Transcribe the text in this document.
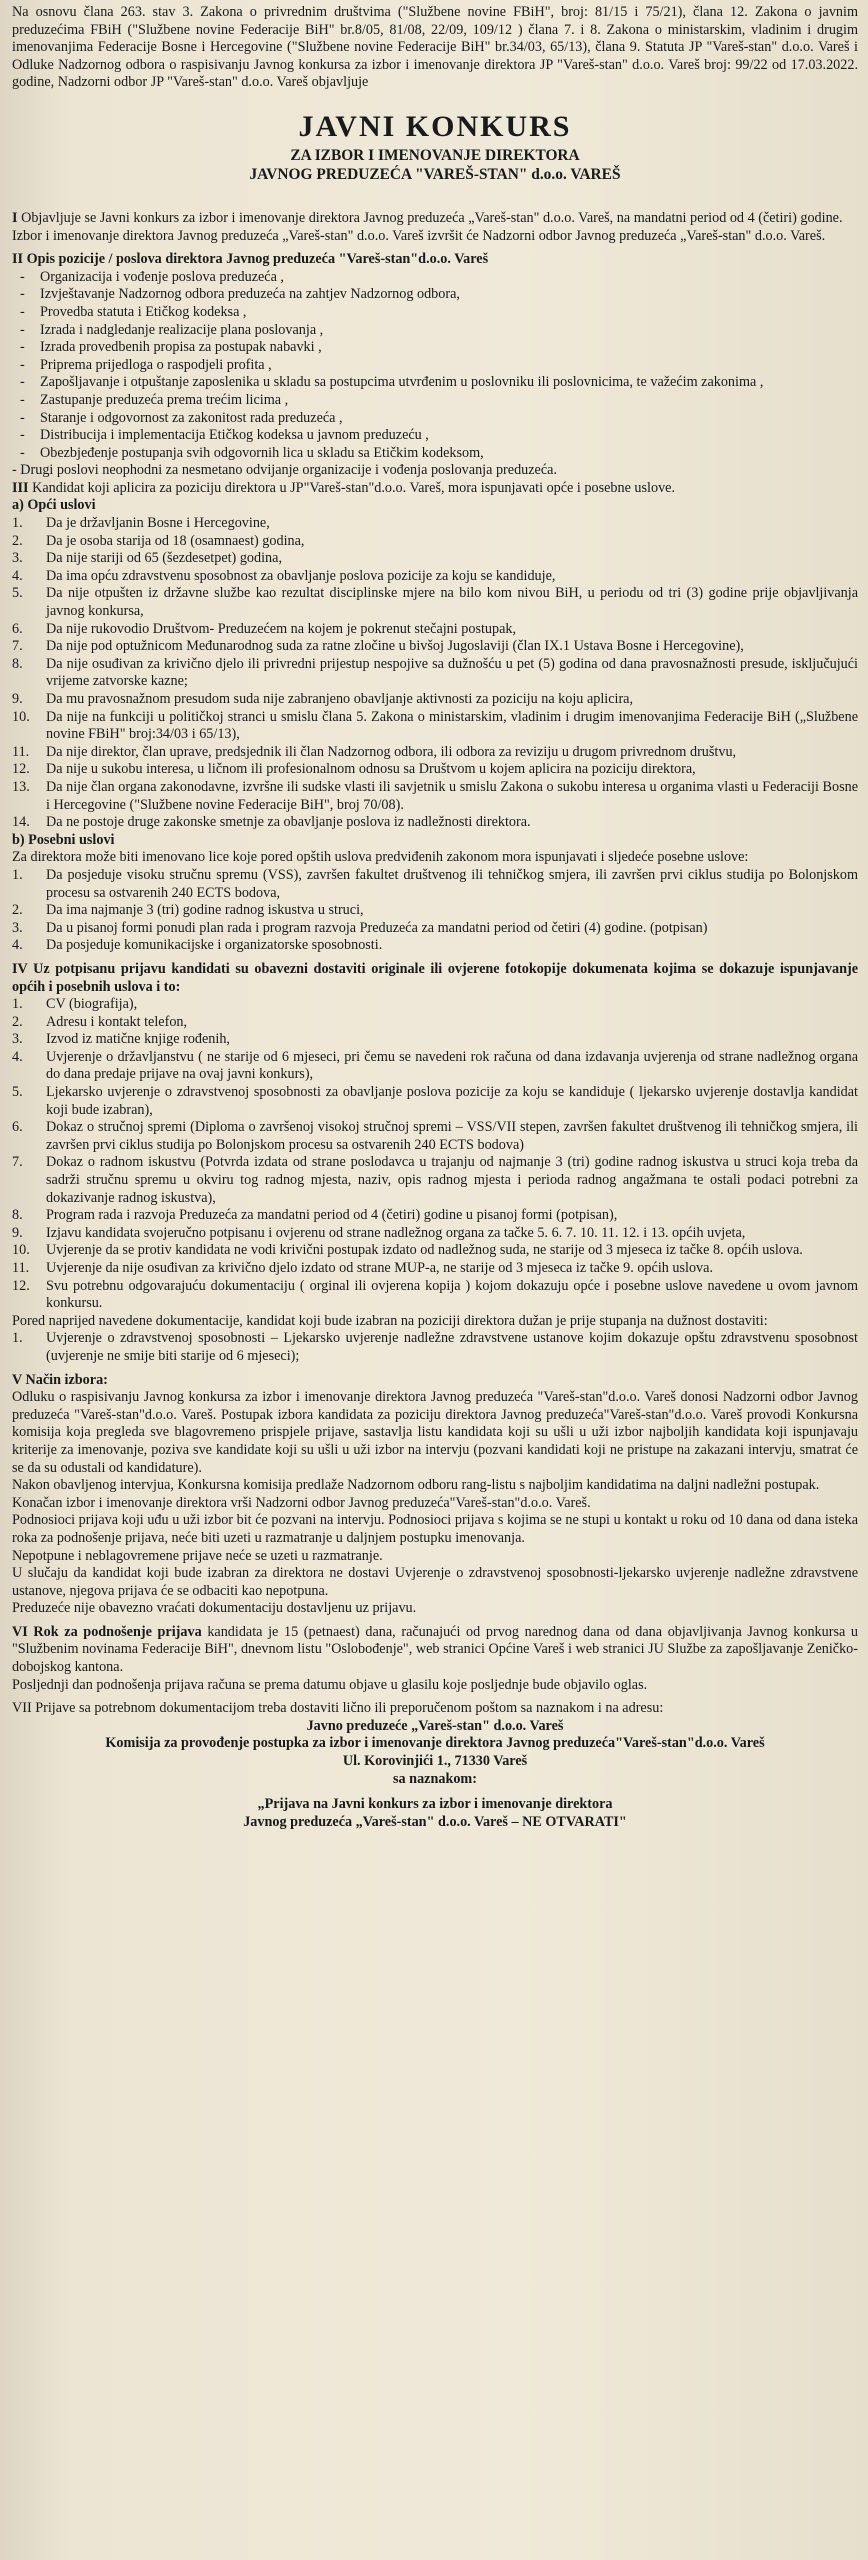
Na osnovu člana 263. stav 3. Zakona o privrednim društvima ("Službene novine FBiH", broj: 81/15 i 75/21), člana 12. Zakona o javnim preduzećima FBiH ("Službene novine Federacije BiH" br.8/05, 81/08, 22/09, 109/12 ) člana 7. i 8. Zakona o ministarskim, vladinim i drugim imenovanjima Federacije Bosne i Hercegovine ("Službene novine Federacije BiH" br.34/03, 65/13), člana 9. Statuta JP "Vareš-stan" d.o.o. Vareš i Odluke Nadzornog odbora o raspisivanju Javnog konkursa za izbor i imenovanje direktora JP "Vareš-stan" d.o.o. Vareš broj: 99/22 od 17.03.2022. godine, Nadzorni odbor JP "Vareš-stan" d.o.o. Vareš objavljuje

JAVNI KONKURS
ZA IZBOR I IMENOVANJE DIREKTORA
JAVNOG PREDUZEĆA "VAREŠ-STAN" d.o.o. VAREŠ

I Objavljuje se Javni konkurs za izbor i imenovanje direktora Javnog preduzeća „Vareš-stan" d.o.o. Vareš, na mandatni period od 4 (četiri) godine.

Izbor i imenovanje direktora Javnog preduzeća „Vareš-stan" d.o.o. Vareš izvršit će Nadzorni odbor Javnog preduzeća „Vareš-stan" d.o.o. Vareš.

II Opis pozicije / poslova direktora Javnog preduzeća "Vareš-stan"d.o.o. Vareš

- Organizacija i vođenje poslova preduzeća ,
- Izvještavanje Nadzornog odbora preduzeća na zahtjev Nadzornog odbora,
- Provedba statuta i Etičkog kodeksa ,
- Izrada i nadgledanje realizacije plana poslovanja ,
- Izrada provedbenih propisa za postupak nabavki ,
- Priprema prijedloga o raspodjeli profita ,
- Zapošljavanje i otpuštanje zaposlenika u skladu sa postupcima utvrđenim u poslovniku ili poslovnicima, te važećim zakonima ,
- Zastupanje preduzeća prema trećim licima ,
- Staranje i odgovornost za zakonitost rada preduzeća ,
- Distribucija i implementacija Etičkog kodeksa u javnom preduzeću ,
- Obezbjeđenje postupanja svih odgovornih lica u skladu sa Etičkim kodeksom,

- Drugi poslovi neophodni za nesmetano odvijanje organizacije i vođenja poslovanja preduzeća.

III Kandidat koji aplicira za poziciju direktora u JP"Vareš-stan"d.o.o. Vareš, mora ispunjavati opće i posebne uslove.

a) Opći uslovi

1. Da je državljanin Bosne i Hercegovine,
2. Da je osoba starija od 18 (osamnaest) godina,
3. Da nije stariji od 65 (šezdesetpet) godina,
4. Da ima opću zdravstvenu sposobnost za obavljanje poslova pozicije za koju se kandiduje,
5. Da nije otpušten iz državne službe kao rezultat disciplinske mjere na bilo kom nivou BiH, u periodu od tri (3) godine prije objavljivanja javnog konkursa,
6. Da nije rukovodio Društvom- Preduzećem na kojem je pokrenut stečajni postupak,
7. Da nije pod optužnicom Međunarodnog suda za ratne zločine u bivšoj Jugoslaviji (član IX.1 Ustava Bosne i Hercegovine),
8. Da nije osuđivan za krivično djelo ili privredni prijestup nespojive sa dužnošću u pet (5) godina od dana pravosnažnosti presude, isključujući vrijeme zatvorske kazne;
9. Da mu pravosnažnom presudom suda nije zabranjeno obavljanje aktivnosti za poziciju na koju aplicira,
10. Da nije na funkciji u političkoj stranci u smislu člana 5. Zakona o ministarskim, vladinim i drugim imenovanjima Federacije BiH („Službene novine FBiH" broj:34/03 i 65/13),
11. Da nije direktor, član uprave, predsjednik ili član Nadzornog odbora, ili odbora za reviziju u drugom privrednom društvu,
12. Da nije u sukobu interesa, u ličnom ili profesionalnom odnosu sa Društvom u kojem aplicira na poziciju direktora,
13. Da nije član organa zakonodavne, izvršne ili sudske vlasti ili savjetnik u smislu Zakona o sukobu interesa u organima vlasti u Federaciji Bosne i Hercegovine ("Službene novine Federacije BiH", broj 70/08).
14. Da ne postoje druge zakonske smetnje za obavljanje poslova iz nadležnosti direktora.

b) Posebni uslovi

Za direktora može biti imenovano lice koje pored opštih uslova predviđenih zakonom mora ispunjavati i sljedeće posebne uslove:

1. Da posjeduje visoku stručnu spremu (VSS), završen fakultet društvenog ili tehničkog smjera, ili završen prvi ciklus studija po Bolonjskom procesu sa ostvarenih 240 ECTS bodova,
2. Da ima najmanje 3 (tri) godine radnog iskustva u struci,
3. Da u pisanoj formi ponudi plan rada i program razvoja Preduzeća za mandatni period od četiri (4) godine. (potpisan)
4. Da posjeduje komunikacijske i organizatorske sposobnosti.

IV Uz potpisanu prijavu kandidati su obavezni dostaviti originale ili ovjerene fotokopije dokumenata kojima se dokazuje ispunjavanje općih i posebnih uslova i to:

1. CV (biografija),
2. Adresu i kontakt telefon,
3. Izvod iz matične knjige rođenih,
4. Uvjerenje o državljanstvu ( ne starije od 6 mjeseci, pri čemu se navedeni rok računa od dana izdavanja uvjerenja od strane nadležnog organa do dana predaje prijave na ovaj javni konkurs),
5. Ljekarsko uvjerenje o zdravstvenoj sposobnosti za obavljanje poslova pozicije za koju se kandiduje ( ljekarsko uvjerenje dostavlja kandidat koji bude izabran),
6. Dokaz o stručnoj spremi (Diploma o završenoj visokoj stručnoj spremi – VSS/VII stepen, završen fakultet društvenog ili tehničkog smjera, ili završen prvi ciklus studija po Bolonjskom procesu sa ostvarenih 240 ECTS bodova)
7. Dokaz o radnom iskustvu (Potvrda izdata od strane poslodavca u trajanju od najmanje 3 (tri) godine radnog iskustva u struci koja treba da sadrži stručnu spremu u okviru tog radnog mjesta, naziv, opis radnog mjesta i perioda radnog angažmana te ostali podaci potrebni za dokazivanje radnog iskustva),
8. Program rada i razvoja Preduzeća za mandatni period od 4 (četiri) godine u pisanoj formi (potpisan),
9. Izjavu kandidata svojeručno potpisanu i ovjerenu od strane nadležnog organa za tačke 5. 6. 7. 10. 11. 12. i 13. općih uvjeta,
10. Uvjerenje da se protiv kandidata ne vodi krivični postupak izdato od nadležnog suda, ne starije od 3 mjeseca iz tačke 8. općih uslova.
11. Uvjerenje da nije osuđivan za krivično djelo izdato od strane MUP-a, ne starije od 3 mjeseca iz tačke 9. općih uslova.
12. Svu potrebnu odgovarajuću dokumentaciju ( orginal ili ovjerena kopija ) kojom dokazuju opće i posebne uslove navedene u ovom javnom konkursu.

Pored naprijed navedene dokumentacije, kandidat koji bude izabran na poziciji direktora dužan je prije stupanja na dužnost dostaviti:

1. Uvjerenje o zdravstvenoj sposobnosti – Ljekarsko uvjerenje nadležne zdravstvene ustanove kojim dokazuje opštu zdravstvenu sposobnost (uvjerenje ne smije biti starije od 6 mjeseci);

V Način izbora:

Odluku o raspisivanju Javnog konkursa za izbor i imenovanje direktora Javnog preduzeća "Vareš-stan"d.o.o. Vareš donosi Nadzorni odbor Javnog preduzeća "Vareš-stan"d.o.o. Vareš. Postupak izbora kandidata za poziciju direktora Javnog preduzeća"Vareš-stan"d.o.o. Vareš provodi Konkursna komisija koja pregleda sve blagovremeno prispjele prijave, sastavlja listu kandidata koji su ušli u uži izbor najboljih kandidata koji ispunjavaju kriterije za imenovanje, poziva sve kandidate koji su ušli u uži izbor na intervju (pozvani kandidati koji ne pristupe na zakazani intervju, smatrat će se da su odustali od kandidature).

Nakon obavljenog intervjua, Konkursna komisija predlaže Nadzornom odboru rang-listu s najboljim kandidatima na daljni nadležni postupak.

Konačan izbor i imenovanje direktora vrši Nadzorni odbor Javnog preduzeća"Vareš-stan"d.o.o. Vareš.

Podnosioci prijava koji uđu u uži izbor bit će pozvani na intervju. Podnosioci prijava s kojima se ne stupi u kontakt u roku od 10 dana od dana isteka roka za podnošenje prijava, neće biti uzeti u razmatranje u daljnjem postupku imenovanja.

Nepotpune i neblagovremene prijave neće se uzeti u razmatranje.

U slučaju da kandidat koji bude izabran za direktora ne dostavi Uvjerenje o zdravstvenoj sposobnosti-ljekarsko uvjerenje nadležne zdravstvene ustanove, njegova prijava će se odbaciti kao nepotpuna.

Preduzeće nije obavezno vraćati dokumentaciju dostavljenu uz prijavu.

VI Rok za podnošenje prijava kandidata je 15 (petnaest) dana, računajući od prvog narednog dana od dana objavljivanja Javnog konkursa u "Službenim novinama Federacije BiH", dnevnom listu "Oslobođenje", web stranici Općine Vareš i web stranici JU Službe za zapošljavanje Zeničko-dobojskog kantona.

Posljednji dan podnošenja prijava računa se prema datumu objave u glasilu koje posljednje bude objavilo oglas.

VII Prijave sa potrebnom dokumentacijom treba dostaviti lično ili preporučenom poštom sa naznakom i na adresu:

Javno preduzeće „Vareš-stan" d.o.o. Vareš

Komisija za provođenje postupka za izbor i imenovanje direktora Javnog preduzeća"Vareš-stan"d.o.o. Vareš

Ul. Korovinjići 1., 71330 Vareš

sa naznakom:

„Prijava na Javni konkurs za izbor i imenovanje direktora

Javnog preduzeća „Vareš-stan" d.o.o. Vareš – NE OTVARATI"
